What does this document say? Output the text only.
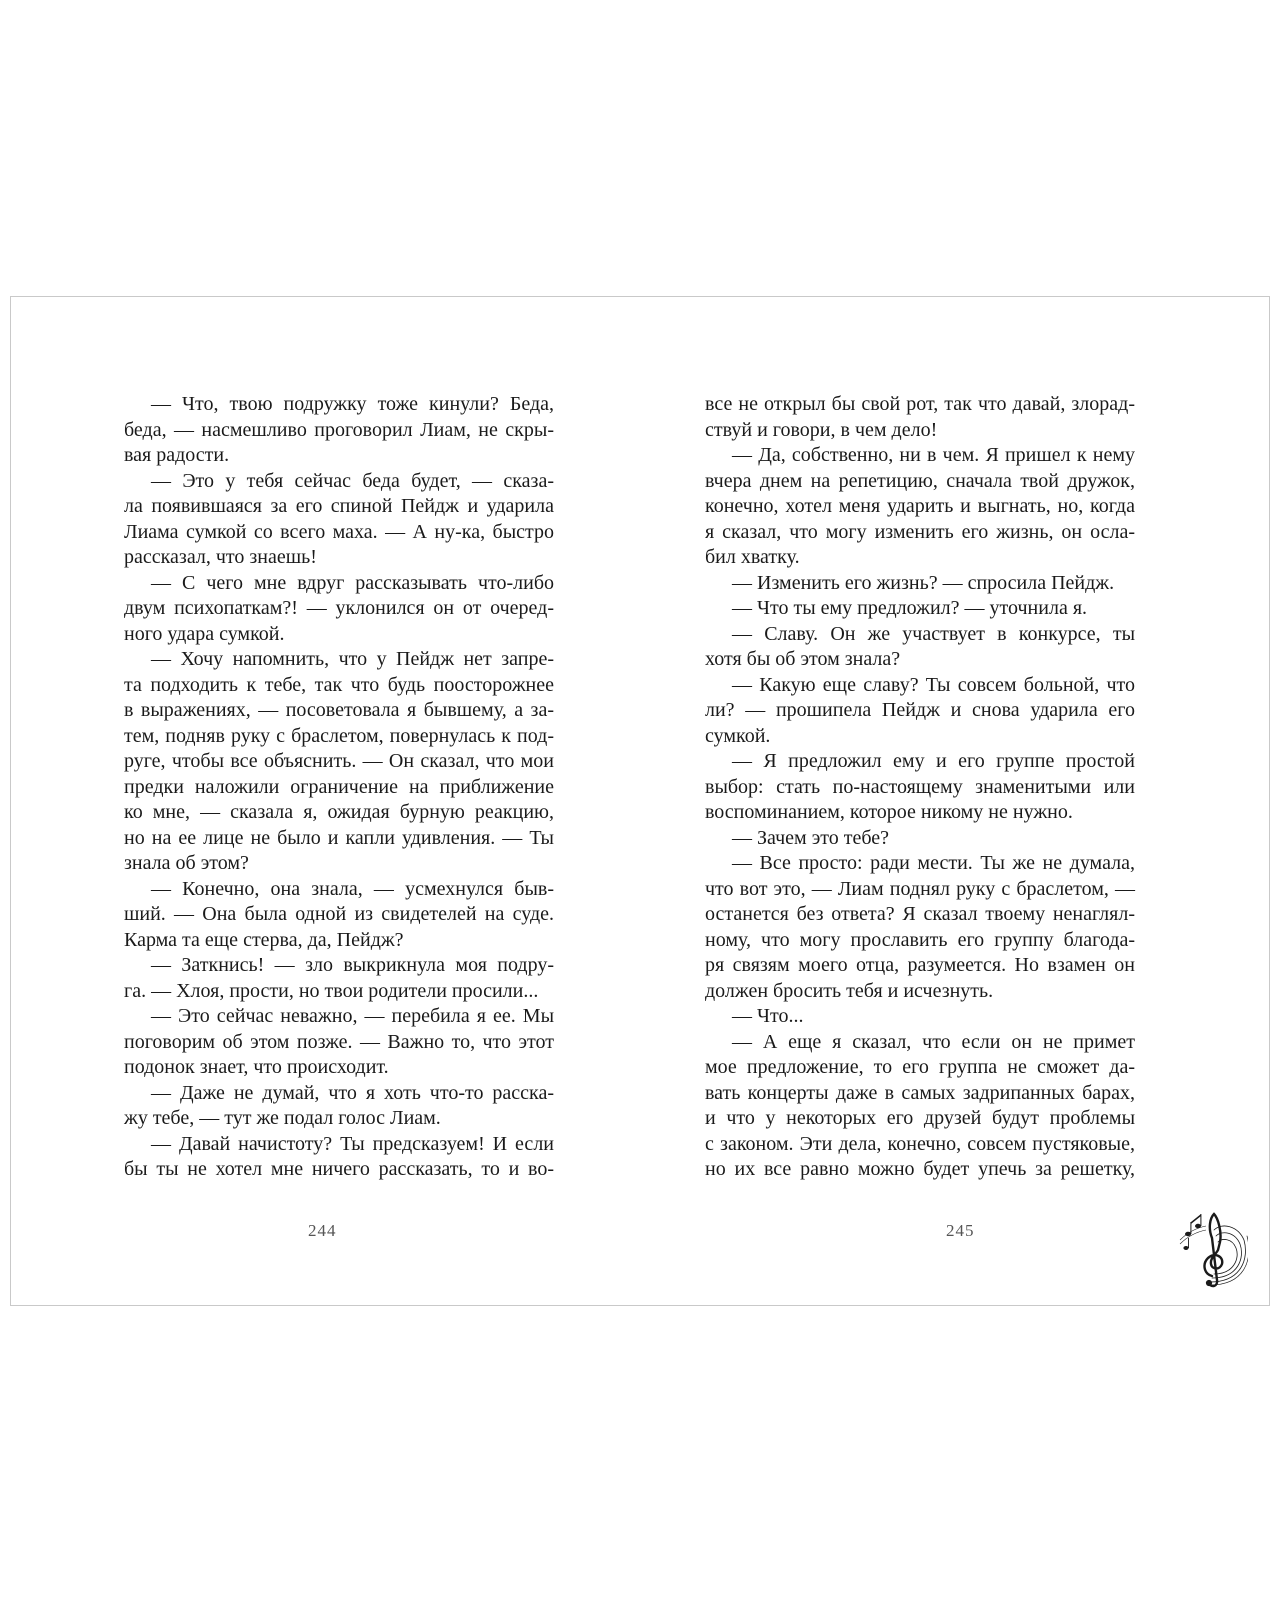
— Что, твою подружку тоже кинули? Беда,
беда, — насмешливо проговорил Лиам, не скры-
вая радости.
— Это у тебя сейчас беда будет, — сказа-
ла появившаяся за его спиной Пейдж и ударила
Лиама сумкой со всего маха. — А ну-ка, быстро
рассказал, что знаешь!
— С чего мне вдруг рассказывать что-либо
двум психопаткам?! — уклонился он от очеред-
ного удара сумкой.
— Хочу напомнить, что у Пейдж нет запре-
та подходить к тебе, так что будь поосторожнее
в выражениях, — посоветовала я бывшему, а за-
тем, подняв руку с браслетом, повернулась к под-
руге, чтобы все объяснить. — Он сказал, что мои
предки наложили ограничение на приближение
ко мне, — сказала я, ожидая бурную реакцию,
но на ее лице не было и капли удивления. — Ты
знала об этом?
— Конечно, она знала, — усмехнулся быв-
ший. — Она была одной из свидетелей на суде.
Карма та еще стерва, да, Пейдж?
— Заткнись! — зло выкрикнула моя подру-
га. — Хлоя, прости, но твои родители просили...
— Это сейчас неважно, — перебила я ее. Мы
поговорим об этом позже. — Важно то, что этот
подонок знает, что происходит.
— Даже не думай, что я хоть что-то расска-
жу тебе, — тут же подал голос Лиам.
— Давай начистоту? Ты предсказуем! И если
бы ты не хотел мне ничего рассказать, то и во-
все не открыл бы свой рот, так что давай, злорад-
ствуй и говори, в чем дело!
— Да, собственно, ни в чем. Я пришел к нему
вчера днем на репетицию, сначала твой дружок,
конечно, хотел меня ударить и выгнать, но, когда
я сказал, что могу изменить его жизнь, он осла-
бил хватку.
— Изменить его жизнь? — спросила Пейдж.
— Что ты ему предложил? — уточнила я.
— Славу. Он же участвует в конкурсе, ты
хотя бы об этом знала?
— Какую еще славу? Ты совсем больной, что
ли? — прошипела Пейдж и снова ударила его
сумкой.
— Я предложил ему и его группе простой
выбор: стать по-настоящему знаменитыми или
воспоминанием, которое никому не нужно.
— Зачем это тебе?
— Все просто: ради мести. Ты же не думала,
что вот это, — Лиам поднял руку с браслетом, —
останется без ответа? Я сказал твоему ненаглял-
ному, что могу прославить его группу благода-
ря связям моего отца, разумеется. Но взамен он
должен бросить тебя и исчезнуть.
— Что...
— А еще я сказал, что если он не примет
мое предложение, то его группа не сможет да-
вать концерты даже в самых задрипанных барах,
и что у некоторых его друзей будут проблемы
с законом. Эти дела, конечно, совсем пустяковые,
но их все равно можно будет упечь за решетку,
244	245
